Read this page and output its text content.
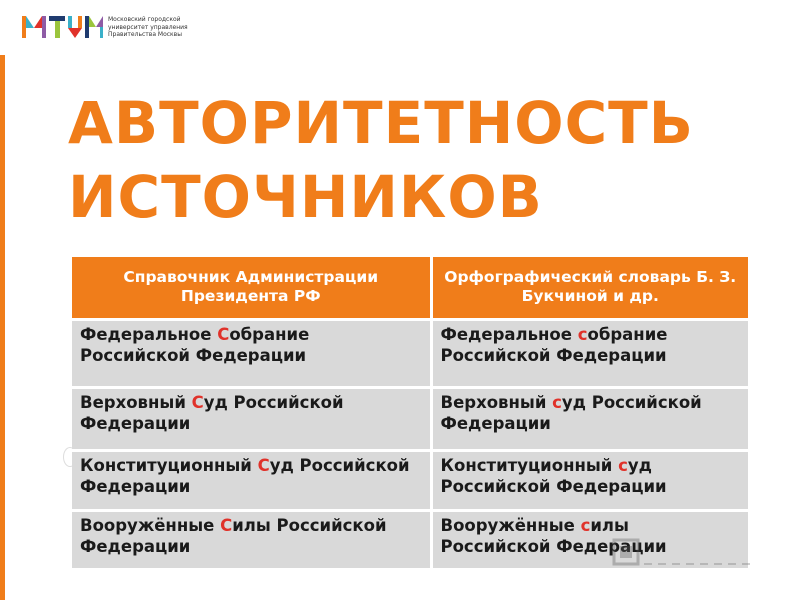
Московский городской
университет управления
Правительства Москвы
АВТОРИТЕТНОСТЬ
ИСТОЧНИКОВ
Справочник Администрации Президента РФ	Орфографический словарь Б. З. Букчиной и др.

Федеральное Собрание Российской Федерации	Федеральное собрание Российской Федерации

Верховный Суд Российской Федерации	Верховный суд Российской Федерации

Конституционный Суд Российской Федерации	Конституционный суд Российской Федерации

Вооружённые Силы Российской Федерации	Вооружённые силы Российской Федерации
